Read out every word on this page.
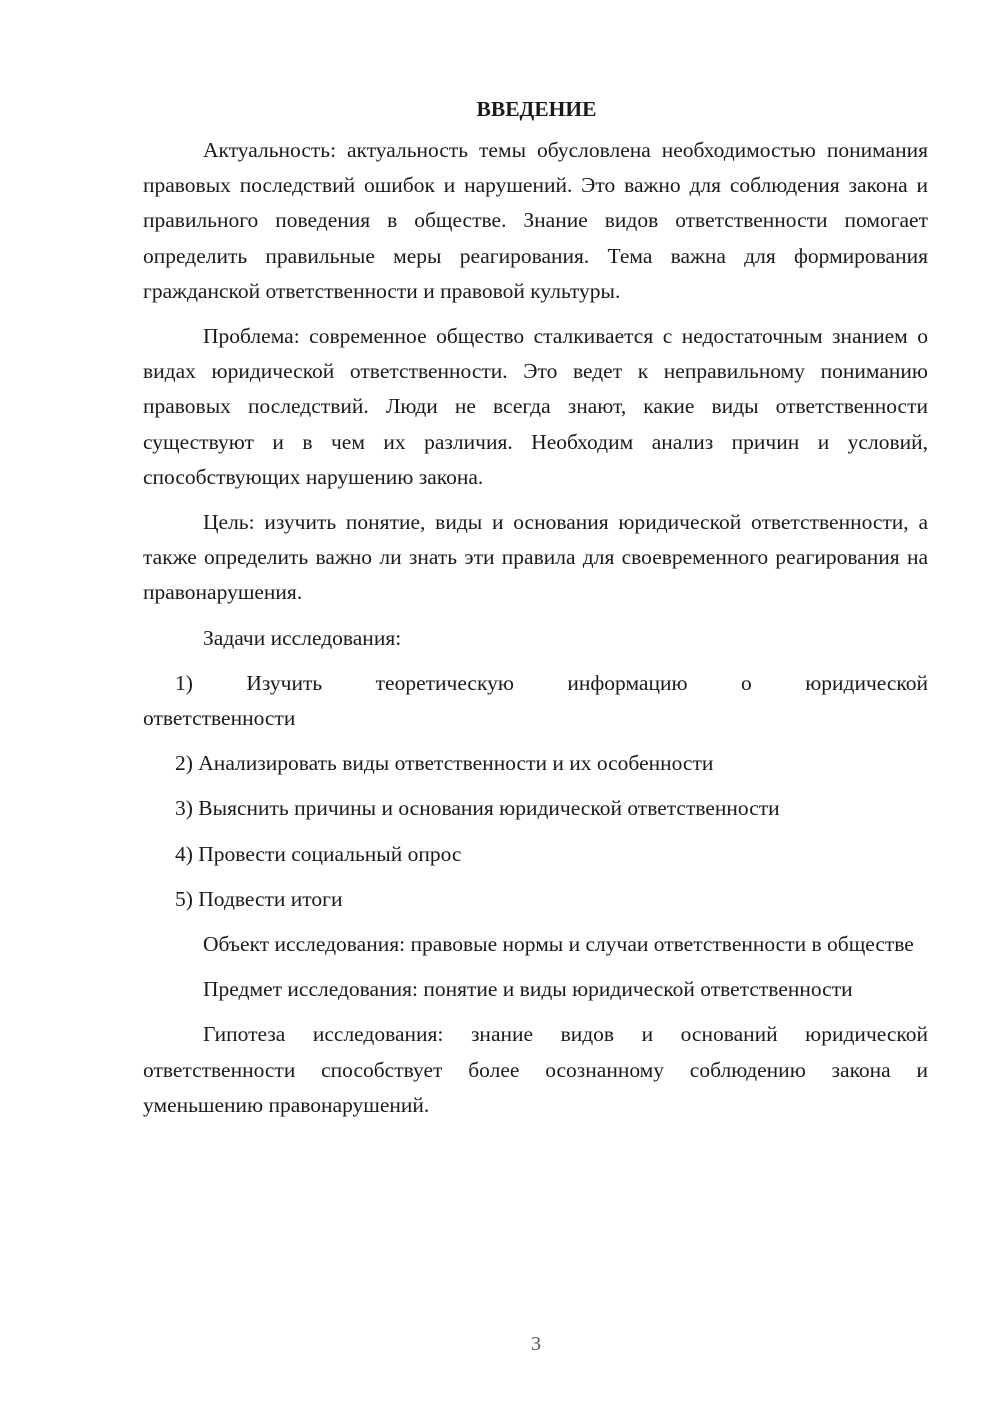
ВВЕДЕНИЕ

Актуальность: актуальность темы обусловлена необходимостью понимания правовых последствий ошибок и нарушений. Это важно для соблюдения закона и правильного поведения в обществе. Знание видов ответственности помогает определить правильные меры реагирования. Тема важна для формирования гражданской ответственности и правовой культуры.

Проблема: современное общество сталкивается с недостаточным знанием о видах юридической ответственности. Это ведет к неправильному пониманию правовых последствий. Люди не всегда знают, какие виды ответственности существуют и в чем их различия. Необходим анализ причин и условий, способствующих нарушению закона.

Цель: изучить понятие, виды и основания юридической ответственности, а также определить важно ли знать эти правила для своевременного реагирования на правонарушения.

Задачи исследования:

1) Изучить теоретическую информацию о юридической
ответственности
2) Анализировать виды ответственности и их особенности
3) Выяснить причины и основания юридической ответственности
4) Провести социальный опрос
5) Подвести итоги

Объект исследования: правовые нормы и случаи ответственности в обществе

Предмет исследования: понятие и виды юридической ответственности

Гипотеза исследования: знание видов и оснований юридической ответственности способствует более осознанному соблюдению закона и уменьшению правонарушений.

3
